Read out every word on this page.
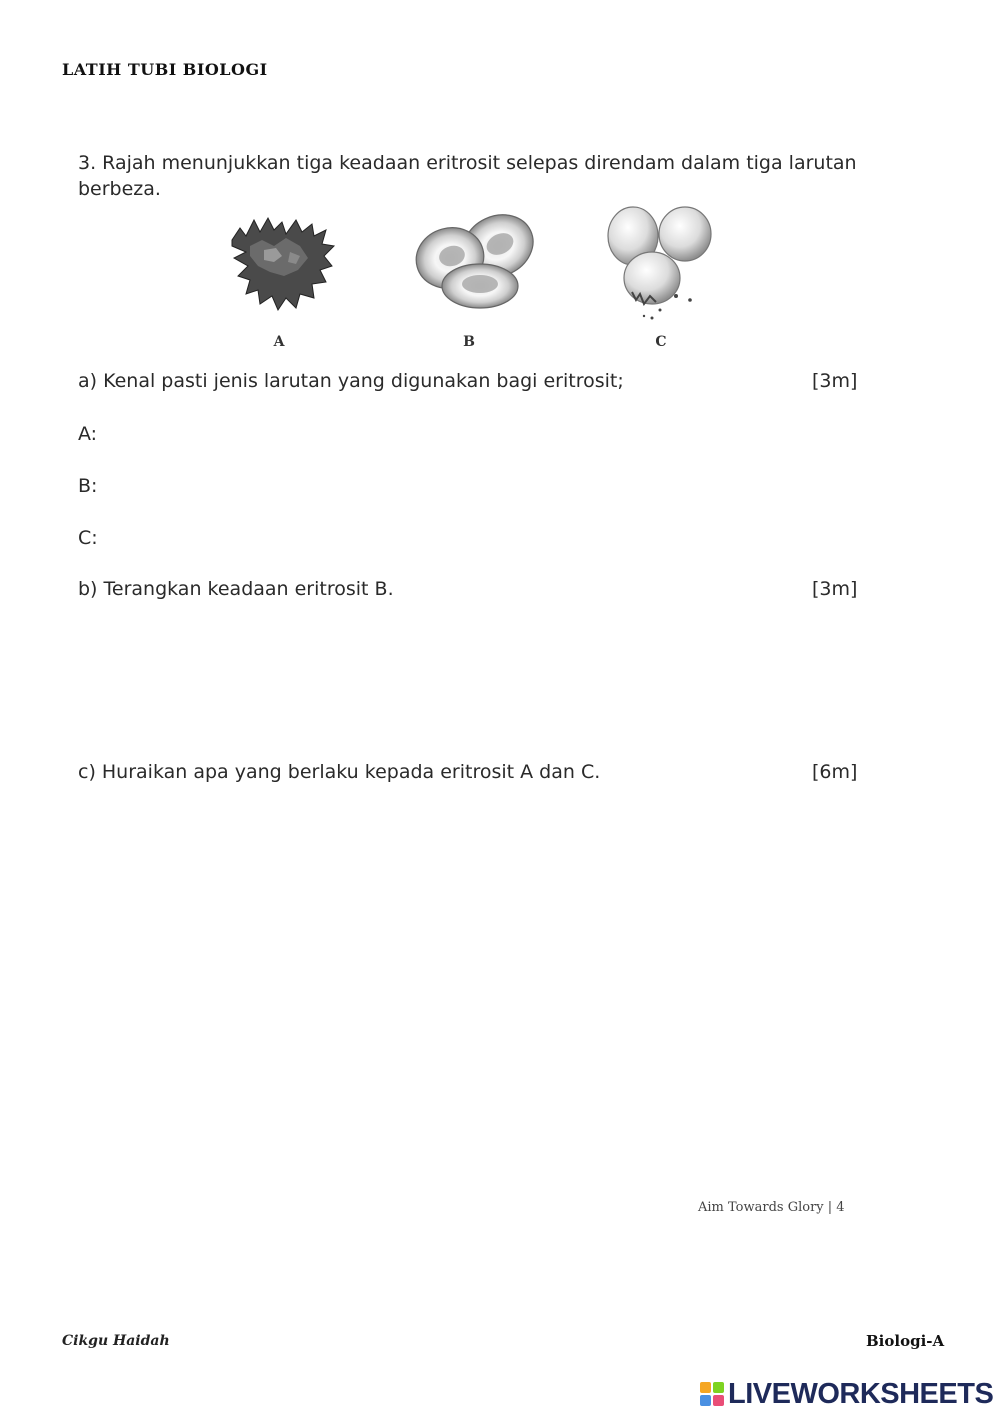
LATIH TUBI BIOLOGI
3. Rajah menunjukkan tiga keadaan eritrosit selepas direndam dalam tiga larutan berbeza.
A	B	C
a) Kenal pasti jenis larutan yang digunakan bagi eritrosit;	[3m]
A:
B:
C:
b) Terangkan keadaan eritrosit B.	[3m]
c) Huraikan apa yang berlaku kepada eritrosit A dan C.	[6m]
Aim Towards Glory | 4
Cikgu Haidah	Biologi-A
LIVEWORKSHEETS
